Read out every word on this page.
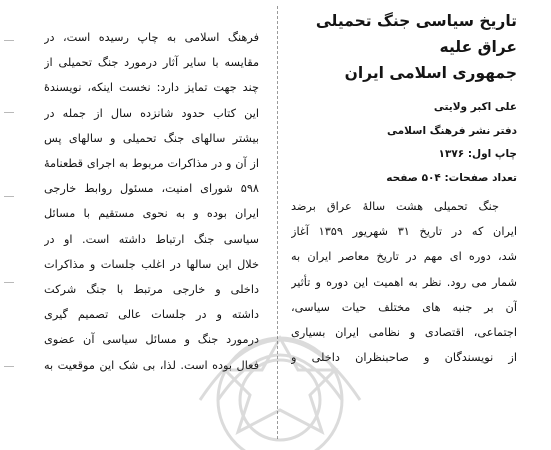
تاریخ سیاسی جنگ تحمیلی
عراق علیه
جمهوری اسلامی ایران
علی اکبر ولایتی
دفتر نشر فرهنگ اسلامی
چاپ اول: ۱۳۷۶
تعداد صفحات: ۵۰۴ صفحه
جنگ تحمیلی هشت سالهٔ عراق برضد
ایران که در تاریخ ۳۱ شهریور ۱۳۵۹ آغاز
شد، دوره ای مهم در تاریخ معاصر ایران به
شمار می رود. نظر به اهمیت این دوره و تأثیر
آن بر جنبه های مختلف حیات سیاسی،
اجتماعی، اقتصادی و نظامی ایران بسیاری
از نویسندگان و صاحبنظران داخلی و
فرهنگ اسلامی به چاپ رسیده است، در
مقایسه با سایر آثار درمورد جنگ تحمیلی از
چند جهت تمایز دارد: نخست اینکه، نویسندهٔ
این کتاب حدود شانزده سال از جمله در
بیشتر سالهای جنگ تحمیلی و سالهای پس
از آن و در مذاکرات مربوط به اجرای قطعنامهٔ
۵۹۸ شورای امنیت، مسئول روابط خارجی
ایران بوده و به نحوی مستقیم با مسائل
سیاسی جنگ ارتباط داشته است. او در
خلال این سالها در اغلب جلسات و مذاکرات
داخلی و خارجی مرتبط با جنگ شرکت
داشته و در جلسات عالی تصمیم گیری
درمورد جنگ و مسائل سیاسی آن عضوی
فعال بوده است. لذا، بی شک این موقعیت به
